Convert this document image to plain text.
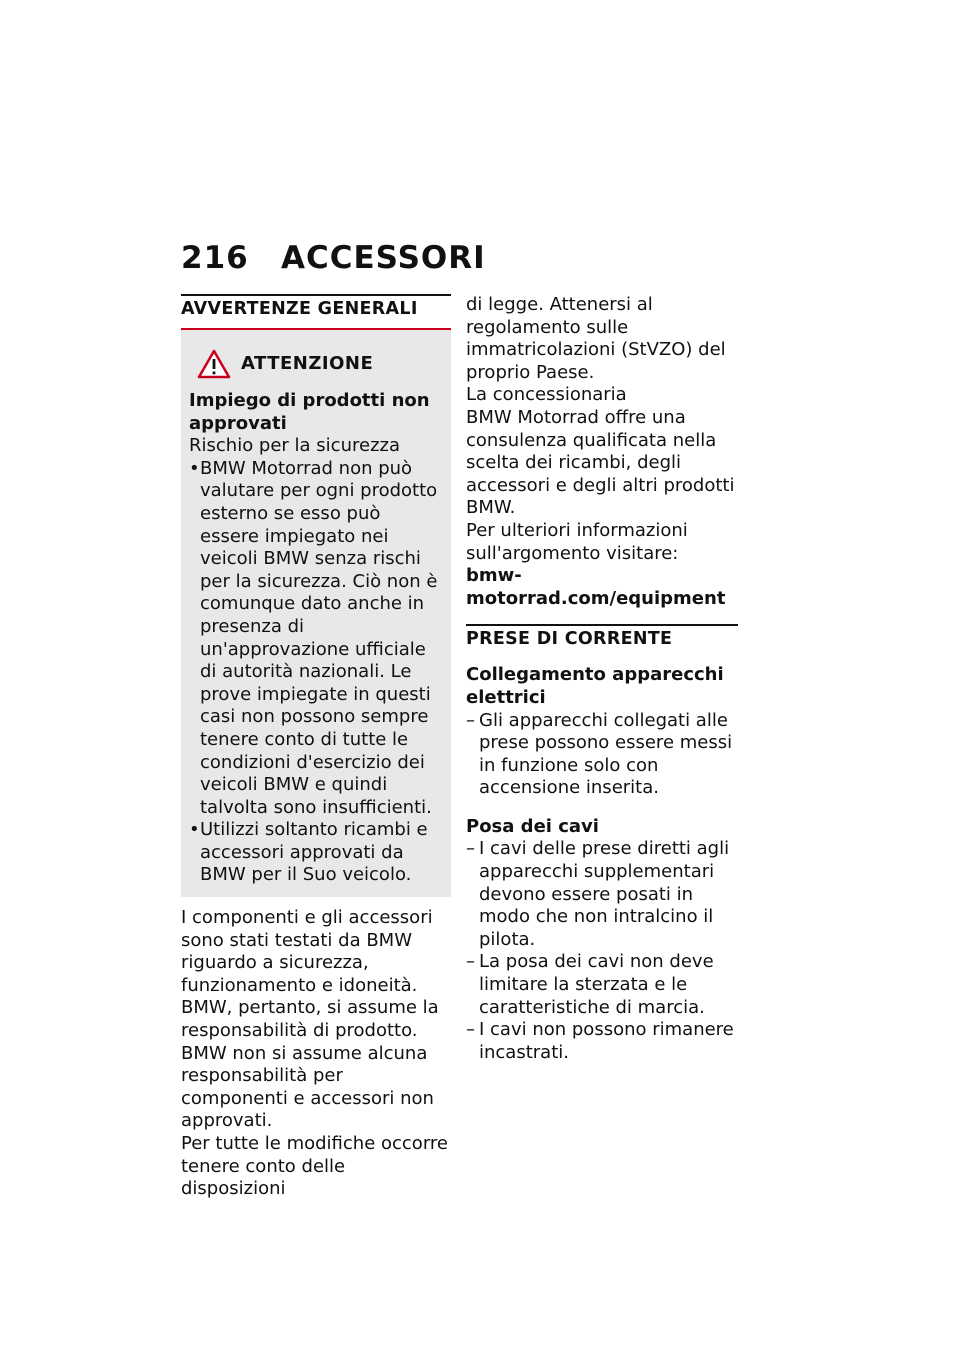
216 ACCESSORI
AVVERTENZE GENERALI
ATTENZIONE

Impiego di prodotti non approvati

Rischio per la sicurezza

• BMW Motorrad non può valutare per ogni prodotto esterno se esso può essere impiegato nei veicoli BMW senza rischi per la sicurezza. Ciò non è comunque dato anche in presenza di un'approvazione ufficiale di autorità nazionali. Le prove impiegate in questi casi non possono sempre tenere conto di tutte le condizioni d'esercizio dei veicoli BMW e quindi talvolta sono insufficienti.
• Utilizzi soltanto ricambi e accessori approvati da BMW per il Suo veicolo.

I componenti e gli accessori sono stati testati da BMW riguardo a sicurezza, funzionamento e idoneità. BMW, pertanto, si assume la responsabilità di prodotto. BMW non si assume alcuna responsabilità per componenti e accessori non approvati.

Per tutte le modifiche occorre tenere conto delle disposizioni

di legge. Attenersi al regolamento sulle immatricolazioni (StVZO) del proprio Paese.

La concessionaria

BMW Motorrad offre una consulenza qualificata nella scelta dei ricambi, degli accessori e degli altri prodotti BMW.

Per ulteriori informazioni sull'argomento visitare:

bmw-motorrad.com/equipment

PRESE DI CORRENTE

Collegamento apparecchi elettrici

– Gli apparecchi collegati alle prese possono essere messi in funzione solo con accensione inserita.

Posa dei cavi

– I cavi delle prese diretti agli apparecchi supplementari devono essere posati in modo che non intralcino il pilota.
– La posa dei cavi non deve limitare la sterzata e le caratteristiche di marcia.
– I cavi non possono rimanere incastrati.
